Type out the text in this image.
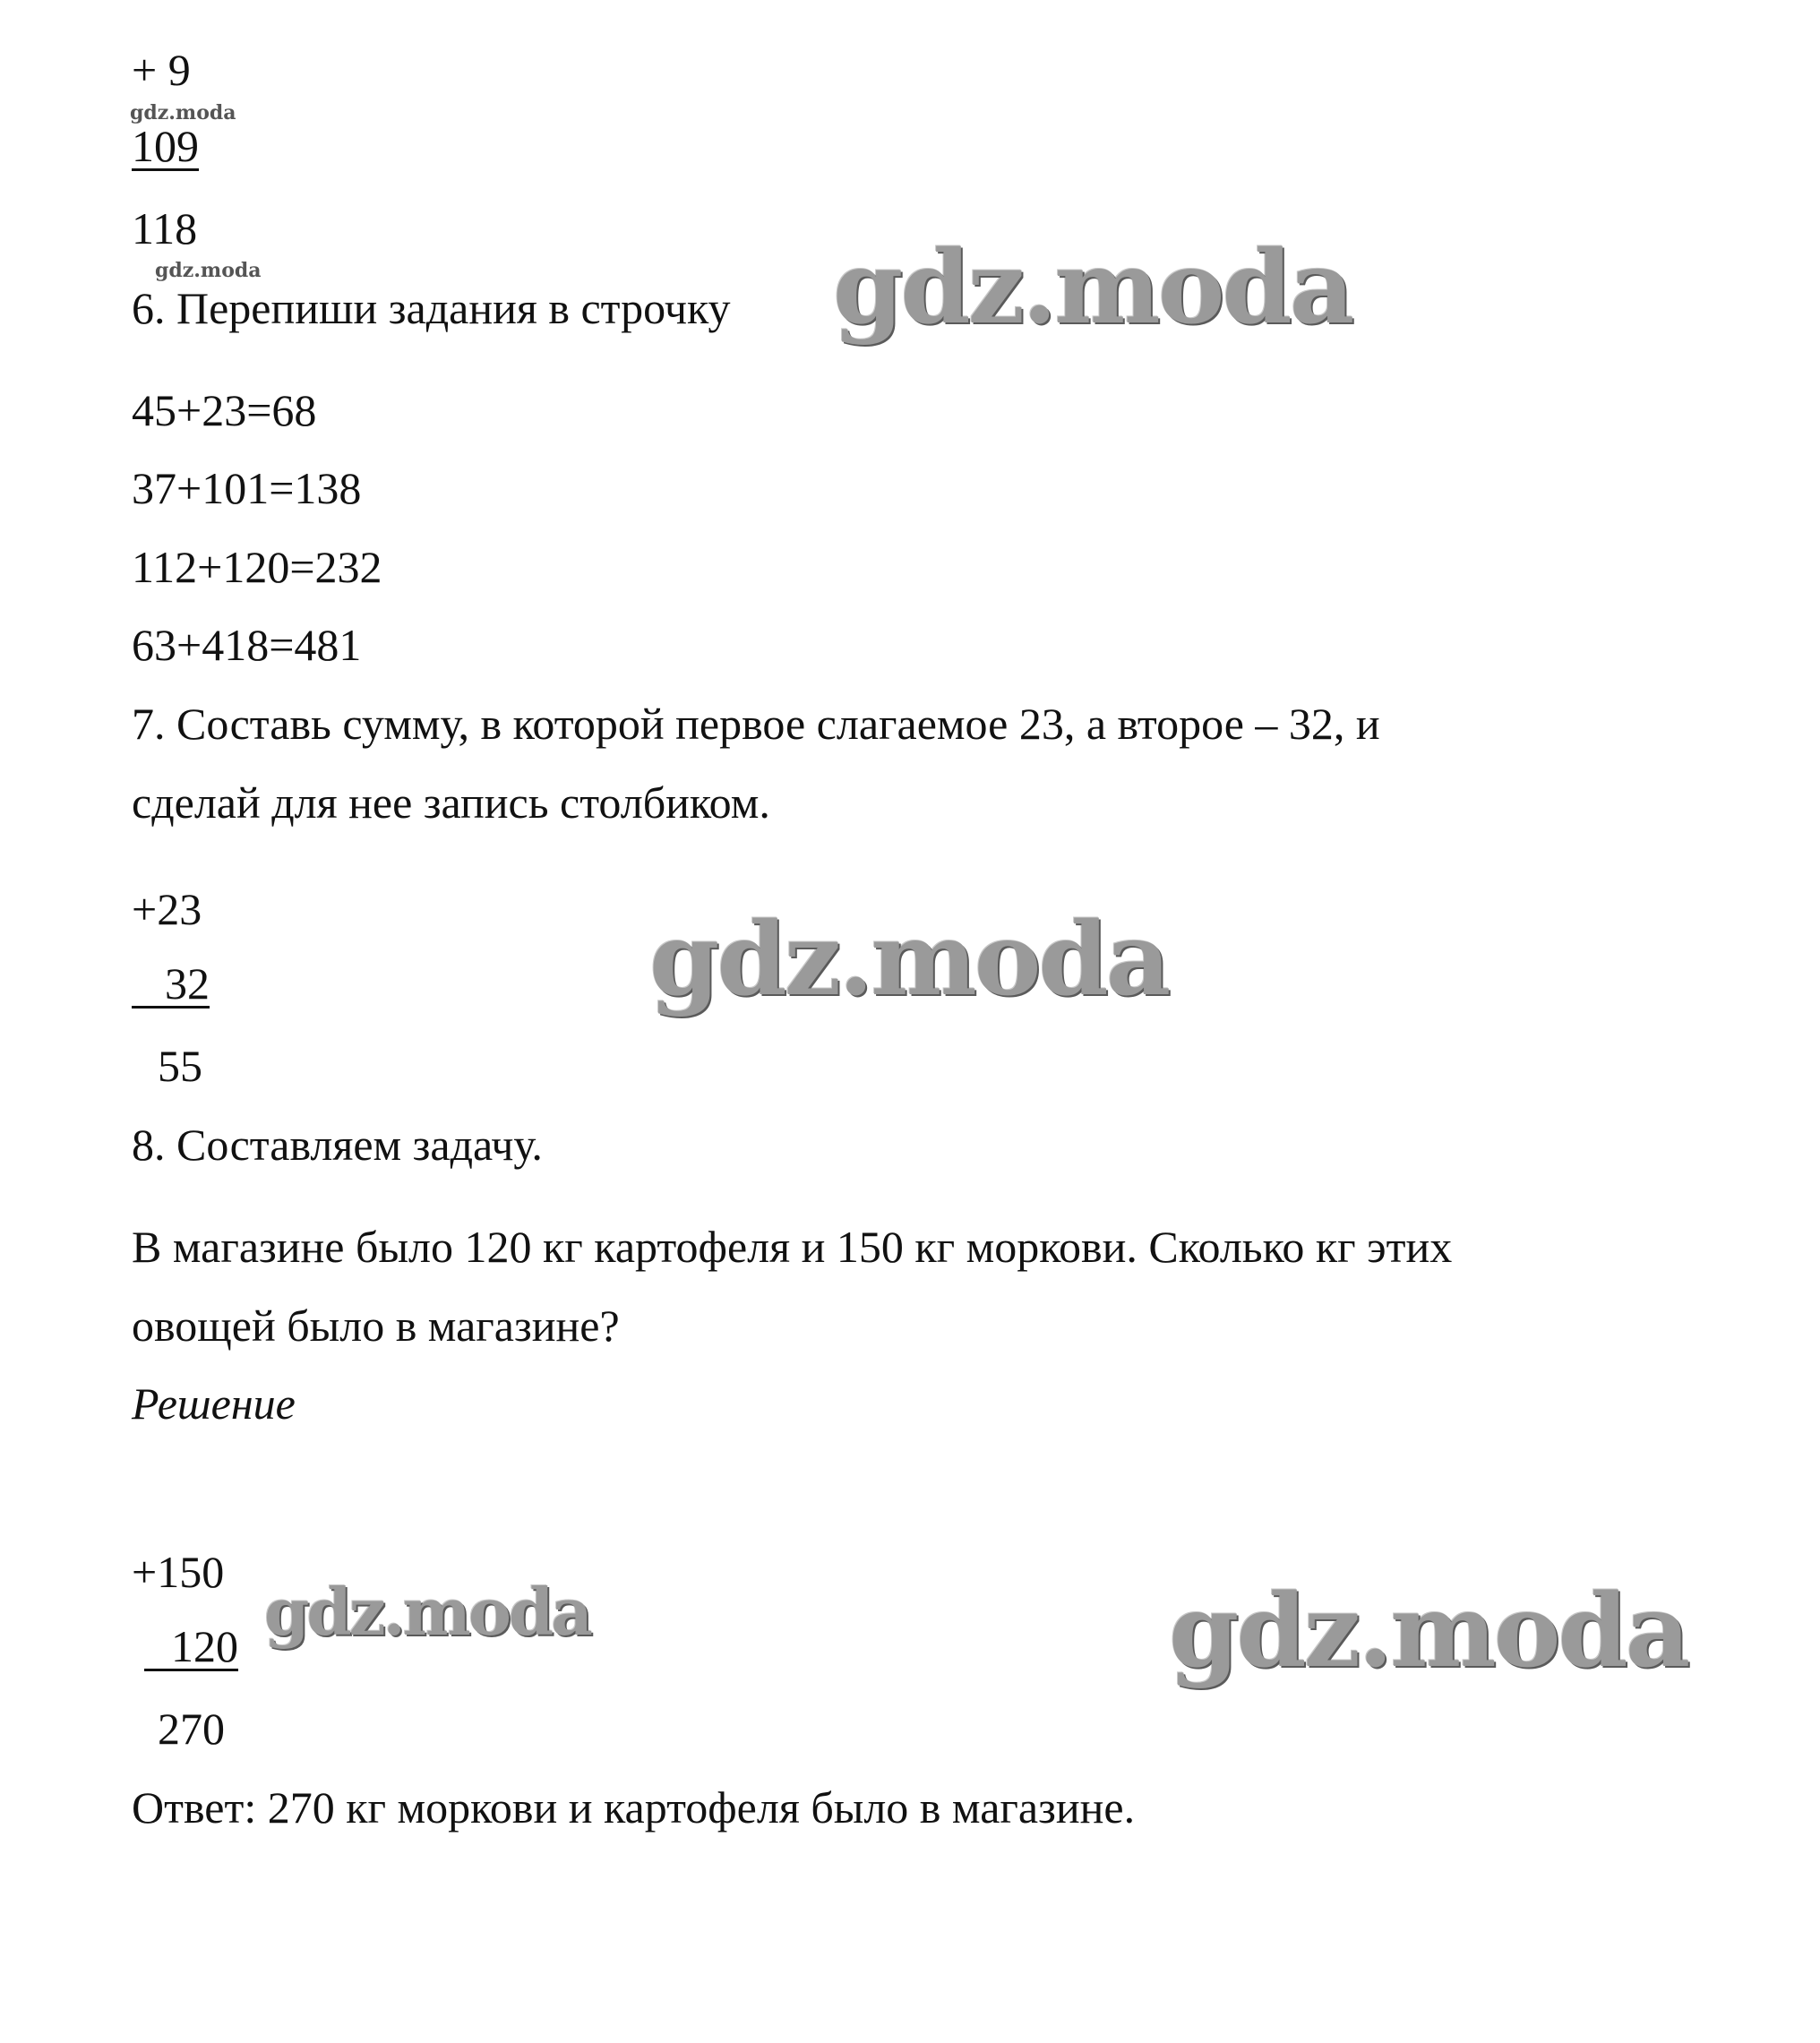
+ 9
gdz.moda
109
118
gdz.moda
6. Перепиши задания в строчку gdz.moda
45+23=68
37+101=138
112+120=232
63+418=481
7. Составь сумму, в которой первое слагаемое 23, а второе – 32, и
сделай для нее запись столбиком.
+23	gdz.moda
32
55
8. Составляем задачу.
В магазине было 120 кг картофеля и 150 кг моркови. Сколько кг этих
овощей было в магазине?
Решение
+150
gdz.moda	gdz.moda
120
270
Ответ: 270 кг моркови и картофеля было в магазине.
